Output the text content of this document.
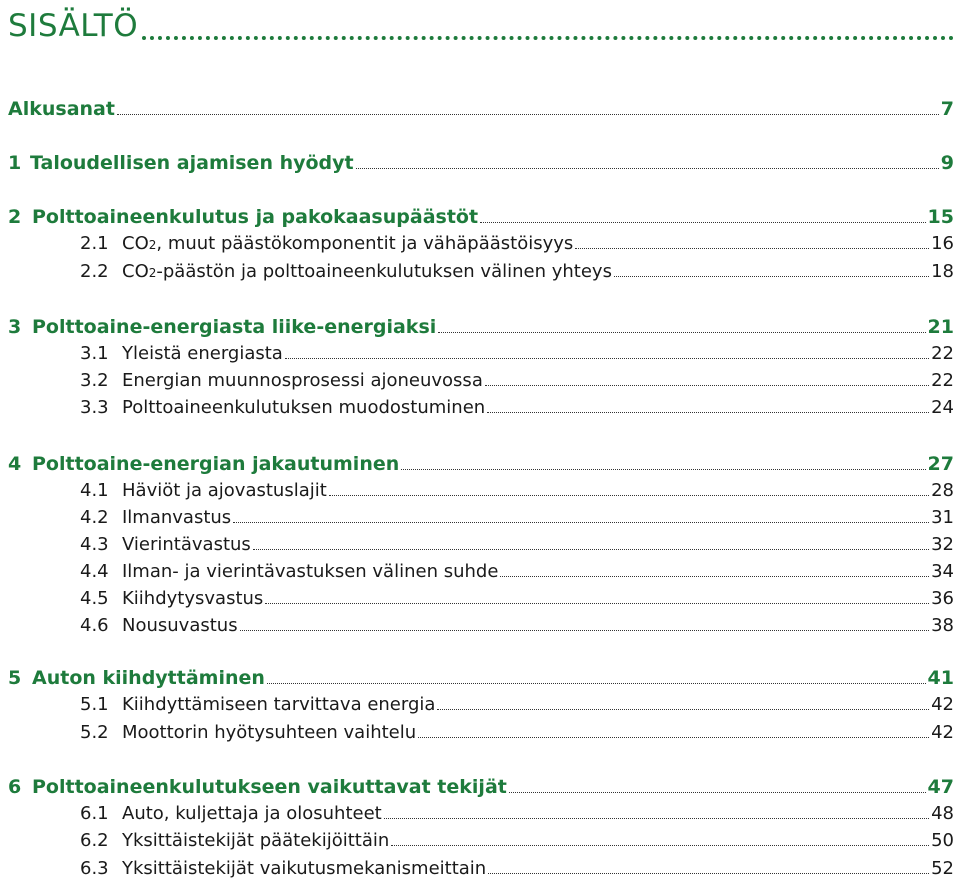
SISÄLTÖ
Alkusanat	7
1 Taloudellisen ajamisen hyödyt	9
2 Polttoaineenkulutus ja pakokaasupäästöt	15
2.1 CO 2 , muut päästökomponentit ja vähäpäästöisyys	16
2.2 CO 2 -päästön ja polttoaineenkulutuksen välinen yhteys	18
3 Polttoaine-energiasta liike-energiaksi	21
3.1 Yleistä energiasta	22
3.2 Energian muunnosprosessi ajoneuvossa	22
3.3 Polttoaineenkulutuksen muodostuminen	24
4 Polttoaine-energian jakautuminen	27
4.1 Häviöt ja ajovastuslajit	28
4.2 Ilmanvastus	31
4.3 Vierintävastus	32
4.4 Ilman- ja vierintävastuksen välinen suhde	34
4.5 Kiihdytysvastus	36
4.6 Nousuvastus	38
5 Auton kiihdyttäminen	41
5.1 Kiihdyttämiseen tarvittava energia	42
5.2 Moottorin hyötysuhteen vaihtelu	42
6 Polttoaineenkulutukseen vaikuttavat tekijät	47
6.1 Auto, kuljettaja ja olosuhteet	48
6.2 Yksittäistekijät päätekijöittäin	50
6.3 Yksittäistekijät vaikutusmekanismeittain	52
